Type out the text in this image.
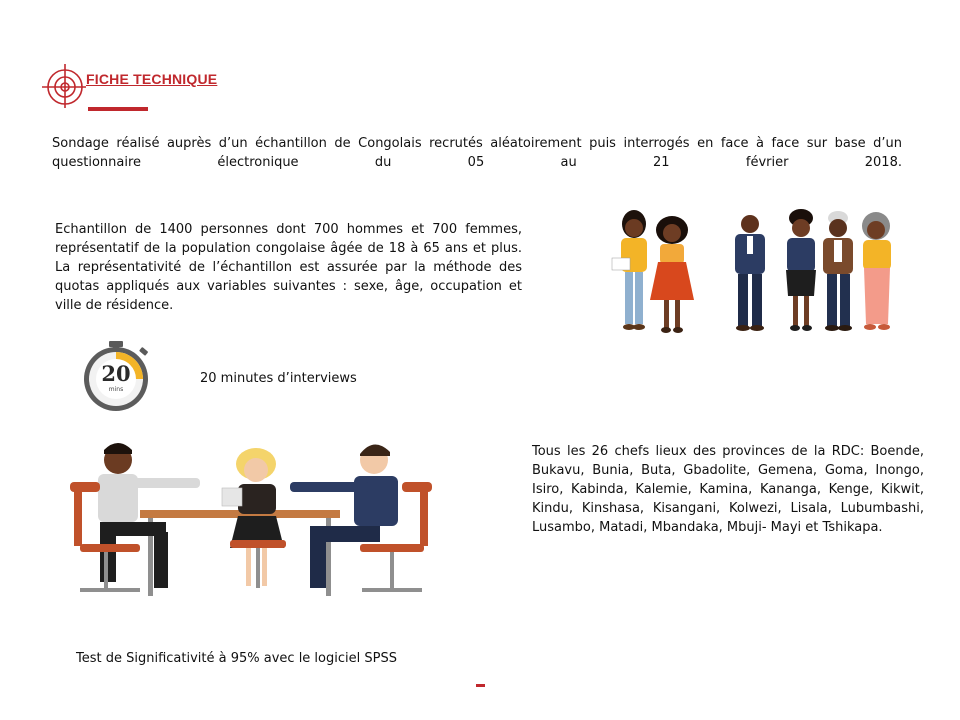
FICHE TECHNIQUE
Sondage réalisé auprès d’un échantillon de Congolais recrutés aléatoirement puis interrogés en face à face sur base d’un questionnaire électronique du 05 au 21 février 2018.
Echantillon de 1400 personnes dont 700 hommes et 700 femmes, représentatif de la population congolaise âgée de 18 à 65 ans et plus. La représentativité de l’échantillon est assurée par la méthode des quotas appliqués aux variables suivantes : sexe, âge, occupation et ville de résidence.
20
mins
20 minutes d’interviews
Tous les 26 chefs lieux des provinces de la RDC: Boende, Bukavu, Bunia, Buta, Gbadolite, Gemena, Goma, Inongo, Isiro, Kabinda, Kalemie, Kamina, Kananga, Kenge, Kikwit, Kindu, Kinshasa, Kisangani, Kolwezi, Lisala, Lubumbashi, Lusambo, Matadi, Mbandaka, Mbuji- Mayi et Tshikapa.
Test de Significativité à 95% avec le logiciel SPSS
